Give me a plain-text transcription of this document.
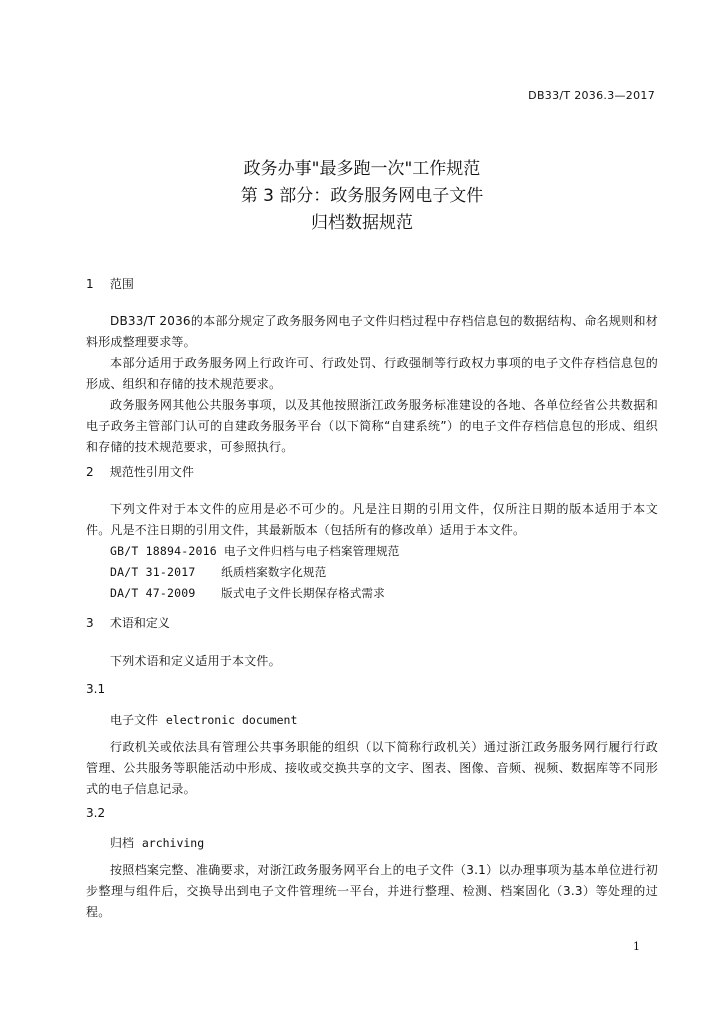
DB33/T 2036.3—2017
政务办事"最多跑一次"工作规范
第 3 部分：政务服务网电子文件
归档数据规范
1 范围

DB33/T 2036的本部分规定了政务服务网电子文件归档过程中存档信息包的数据结构、命名规则和材料形成整理要求等。

本部分适用于政务服务网上行政许可、行政处罚、行政强制等行政权力事项的电子文件存档信息包的形成、组织和存储的技术规范要求。

政务服务网其他公共服务事项，以及其他按照浙江政务服务标准建设的各地、各单位经省公共数据和电子政务主管部门认可的自建政务服务平台（以下简称“自建系统”）的电子文件存档信息包的形成、组织和存储的技术规范要求，可参照执行。

2 规范性引用文件

下列文件对于本文件的应用是必不可少的。凡是注日期的引用文件，仅所注日期的版本适用于本文件。凡是不注日期的引用文件，其最新版本（包括所有的修改单）适用于本文件。

GB/T 18894-2016 电子文件归档与电子档案管理规范
DA/T 31-2017 纸质档案数字化规范
DA/T 47-2009 版式电子文件长期保存格式需求
3 术语和定义

下列术语和定义适用于本文件。

3.1
电子文件 electronic document

行政机关或依法具有管理公共事务职能的组织（以下简称行政机关）通过浙江政务服务网行履行行政管理、公共服务等职能活动中形成、接收或交换共享的文字、图表、图像、音频、视频、数据库等不同形式的电子信息记录。

3.2
归档 archiving

按照档案完整、准确要求，对浙江政务服务网平台上的电子文件（3.1）以办理事项为基本单位进行初步整理与组件后，交换导出到电子文件管理统一平台，并进行整理、检测、档案固化（3.3）等处理的过程。

1
